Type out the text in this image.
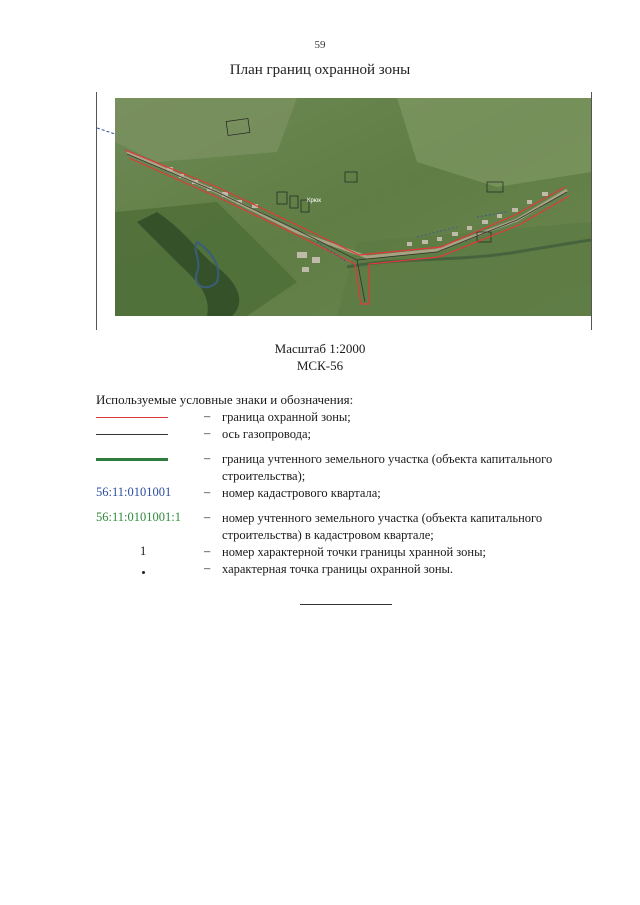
59
План границ охранной зоны
Крюк
Масштаб 1:2000
МСК-56
Используемые условные знаки и обозначения:
– граница охранной зоны;
– ось газопровода;
– граница учтенного земельного участка (объекта капитального строительства);
56:11:0101001	– номер кадастрового квартала;
56:11:0101001:1 – номер учтенного земельного участка (объекта капитального строительства) в кадастровом квартале;
1	– номер характерной точки границы хранной зоны;
– характерная точка границы охранной зоны.
